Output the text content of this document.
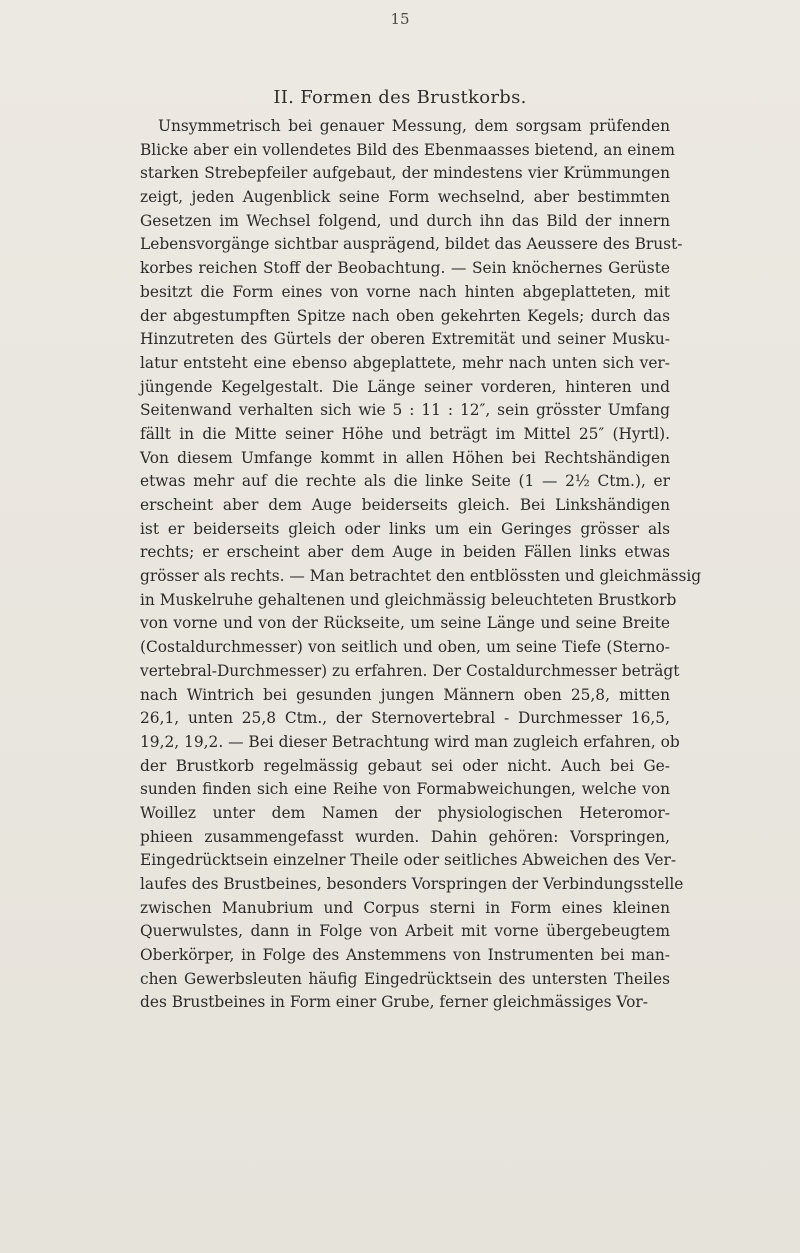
15
II. Formen des Brustkorbs.
Unsymmetrisch bei genauer Messung, dem sorgsam prüfenden
Blicke aber ein vollendetes Bild des Ebenmaasses bietend, an einem
starken Strebepfeiler aufgebaut, der mindestens vier Krümmungen
zeigt, jeden Augenblick seine Form wechselnd, aber bestimmten
Gesetzen im Wechsel folgend, und durch ihn das Bild der innern
Lebensvorgänge sichtbar ausprägend, bildet das Aeussere des Brust-
korbes reichen Stoff der Beobachtung. — Sein knöchernes Gerüste
besitzt die Form eines von vorne nach hinten abgeplatteten, mit
der abgestumpften Spitze nach oben gekehrten Kegels; durch das
Hinzutreten des Gürtels der oberen Extremität und seiner Musku-
latur entsteht eine ebenso abgeplattete, mehr nach unten sich ver-
jüngende Kegelgestalt. Die Länge seiner vorderen, hinteren und
Seitenwand verhalten sich wie 5 : 11 : 12″, sein grösster Umfang
fällt in die Mitte seiner Höhe und beträgt im Mittel 25″ (Hyrtl).
Von diesem Umfange kommt in allen Höhen bei Rechtshändigen
etwas mehr auf die rechte als die linke Seite (1 — 2½ Ctm.), er
erscheint aber dem Auge beiderseits gleich. Bei Linkshändigen
ist er beiderseits gleich oder links um ein Geringes grösser als
rechts; er erscheint aber dem Auge in beiden Fällen links etwas
grösser als rechts. — Man betrachtet den entblössten und gleichmässig
in Muskelruhe gehaltenen und gleichmässig beleuchteten Brustkorb
von vorne und von der Rückseite, um seine Länge und seine Breite
(Costaldurchmesser) von seitlich und oben, um seine Tiefe (Sterno-
vertebral-Durchmesser) zu erfahren. Der Costaldurchmesser beträgt
nach Wintrich bei gesunden jungen Männern oben 25,8, mitten
26,1, unten 25,8 Ctm., der Sternovertebral - Durchmesser 16,5,
19,2, 19,2. — Bei dieser Betrachtung wird man zugleich erfahren, ob
der Brustkorb regelmässig gebaut sei oder nicht. Auch bei Ge-
sunden finden sich eine Reihe von Formabweichungen, welche von
Woillez unter dem Namen der physiologischen Heteromor-
phieen zusammengefasst wurden. Dahin gehören: Vorspringen,
Eingedrücktsein einzelner Theile oder seitliches Abweichen des Ver-
laufes des Brustbeines, besonders Vorspringen der Verbindungsstelle
zwischen Manubrium und Corpus sterni in Form eines kleinen
Querwulstes, dann in Folge von Arbeit mit vorne übergebeugtem
Oberkörper, in Folge des Anstemmens von Instrumenten bei man-
chen Gewerbsleuten häufig Eingedrücktsein des untersten Theiles
des Brustbeines in Form einer Grube, ferner gleichmässiges Vor-
